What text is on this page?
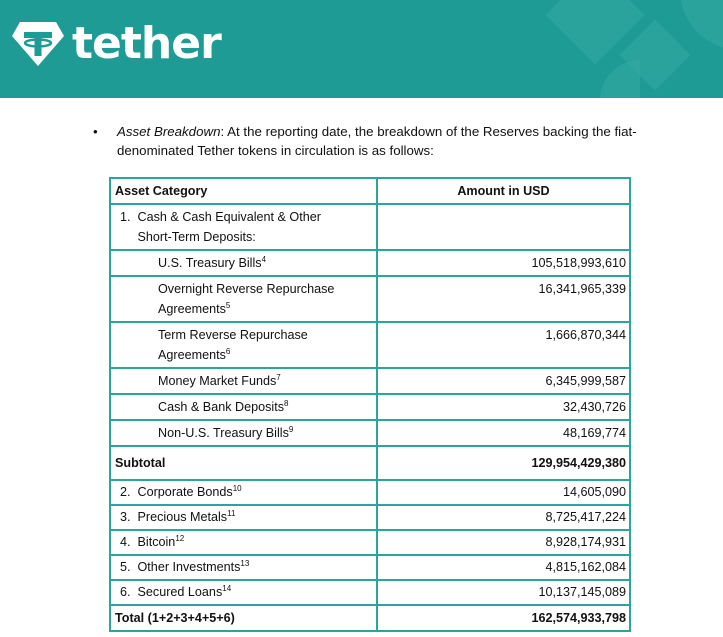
tether
• Asset Breakdown: At the reporting date, the breakdown of the Reserves backing the fiat-denominated Tether tokens in circulation is as follows:

Asset Category	Amount in USD
1. Cash & Cash Equivalent & Other Short-Term Deposits:	
U.S. Treasury Bills$^4$	105,518,993,610
Overnight Reverse Repurchase Agreements$^5$	16,341,965,339
Term Reverse Repurchase Agreements$^6$	1,666,870,344
Money Market Funds$^7$	6,345,999,587
Cash & Bank Deposits$^8$	32,430,726
Non-U.S. Treasury Bills$^9$	48,169,774
Subtotal	129,954,429,380
2. Corporate Bonds$^{10}$	14,605,090
3. Precious Metals$^{11}$	8,725,417,224
4. Bitcoin$^{12}$	8,928,174,931
5. Other Investments$^{13}$	4,815,162,084
6. Secured Loans$^{14}$	10,137,145,089
Total (1+2+3+4+5+6)	162,574,933,798
